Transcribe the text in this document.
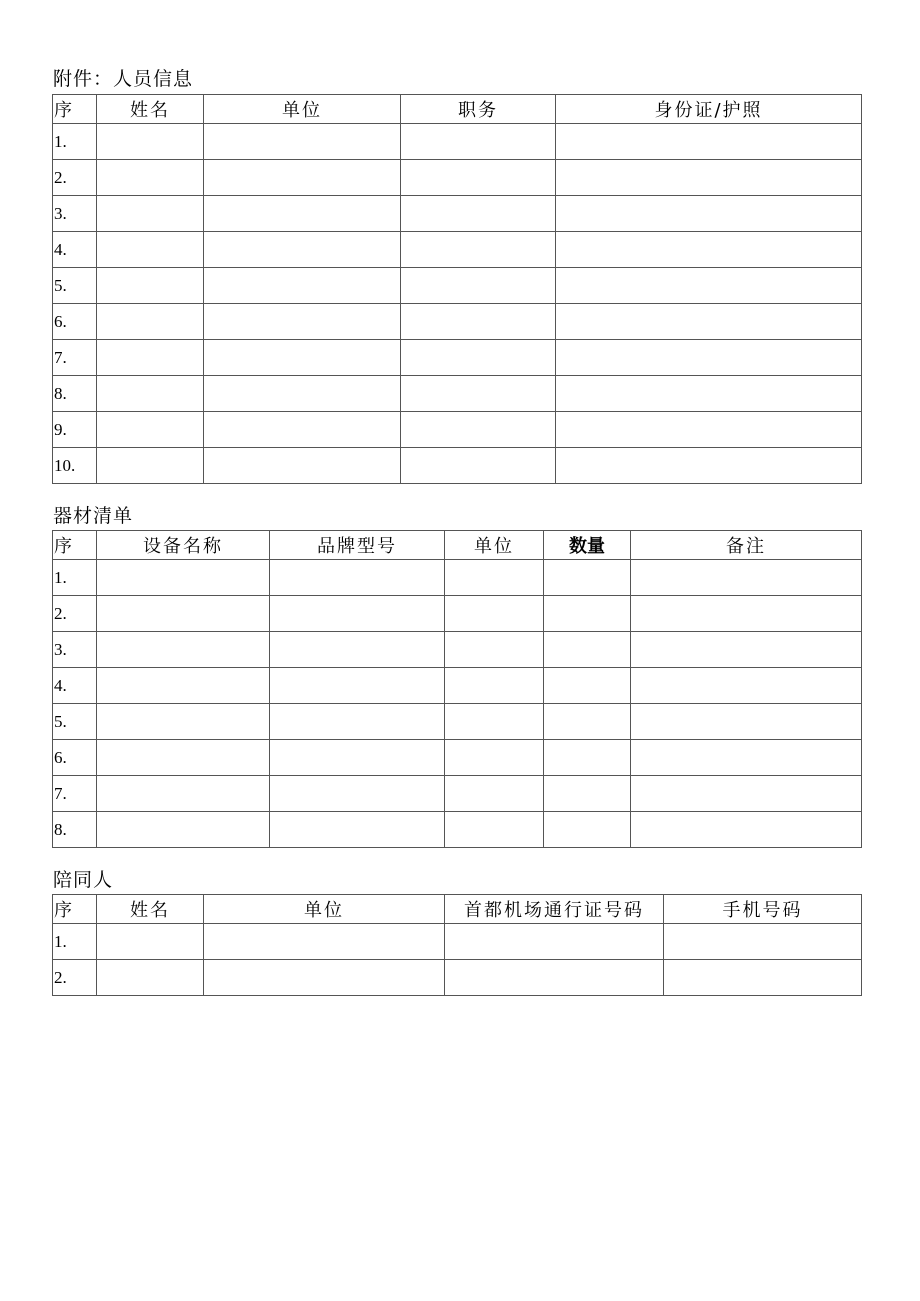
附件：人员信息
序	姓名	单位	职务	身份证/护照
1.				
2.				
3.				
4.				
5.				
6.				
7.				
8.				
9.				
10.				
器材清单
序	设备名称	品牌型号	单位	数量	备注
1.					
2.					
3.					
4.					
5.					
6.					
7.					
8.					
陪同人
序	姓名	单位	首都机场通行证号码	手机号码
1.				
2.				
